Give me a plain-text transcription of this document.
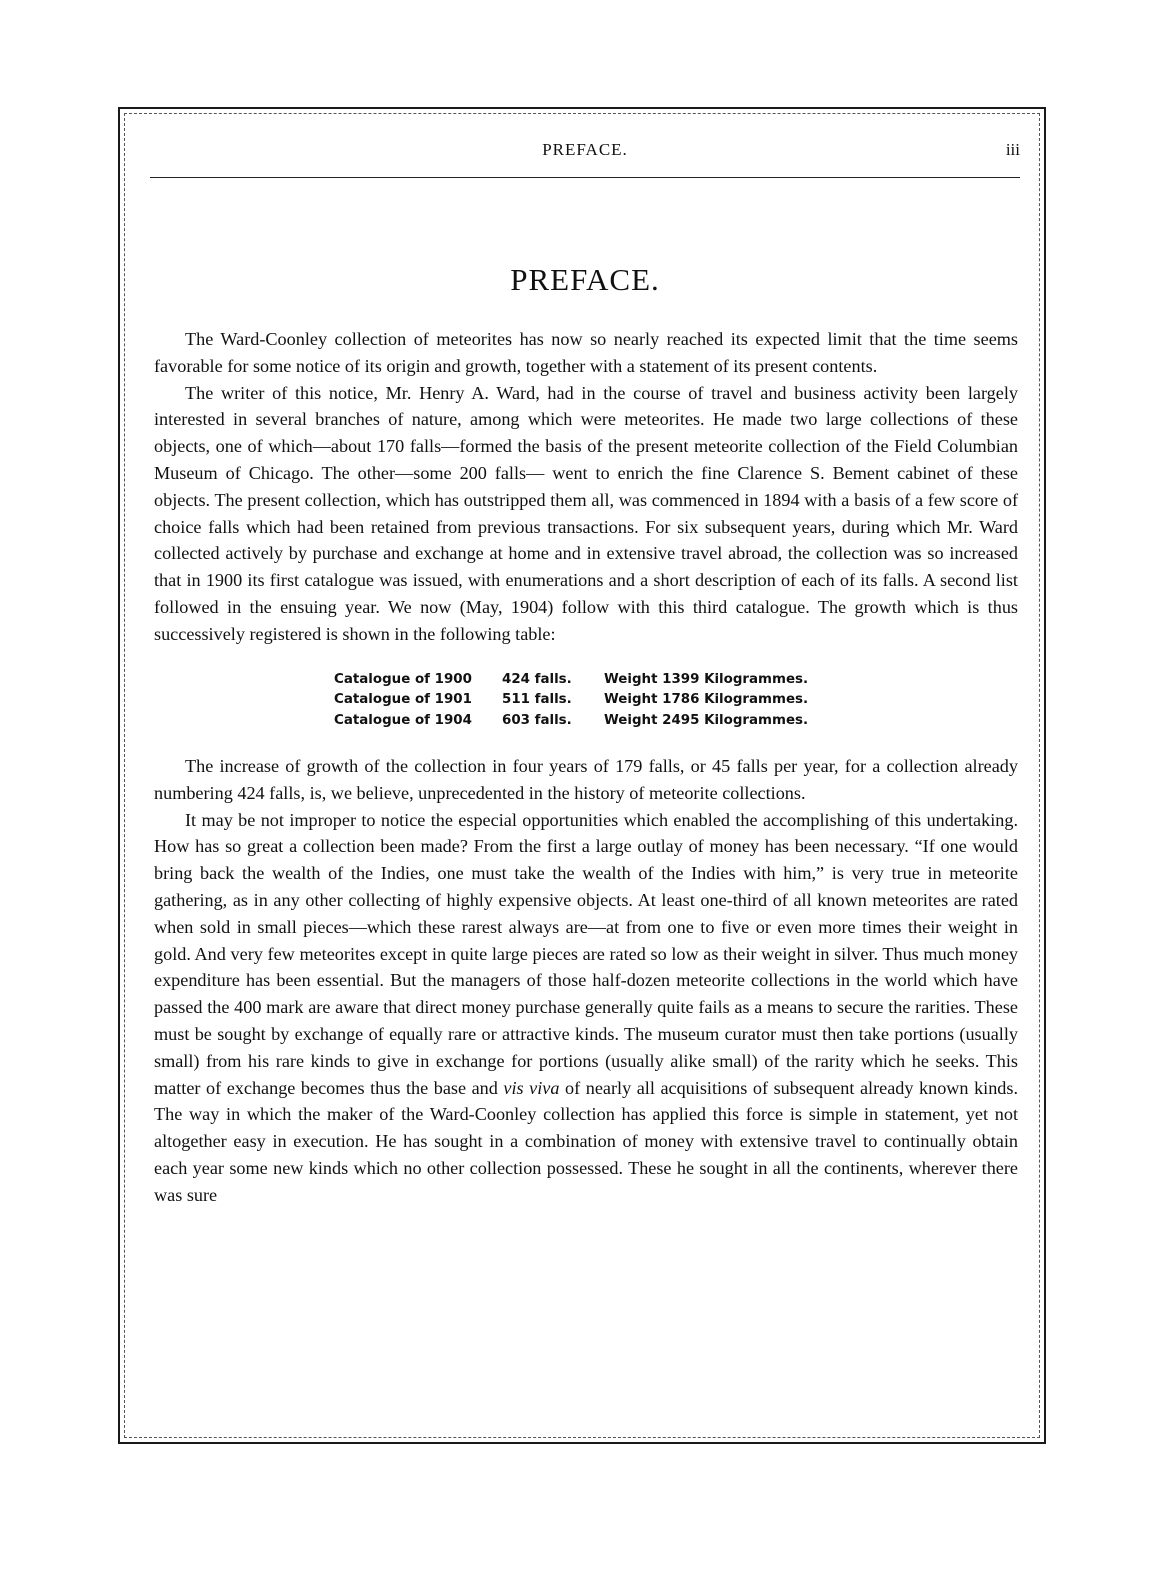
PREFACE.	iii
PREFACE.

The Ward-Coonley collection of meteorites has now so nearly reached its expected limit that the time seems favorable for some notice of its origin and growth, together with a statement of its present contents.

The writer of this notice, Mr. Henry A. Ward, had in the course of travel and business activity been largely interested in several branches of nature, among which were meteorites. He made two large collections of these objects, one of which—about 170 falls—formed the basis of the present meteorite collection of the Field Columbian Museum of Chicago. The other—some 200 falls— went to enrich the fine Clarence S. Bement cabinet of these objects. The present collection, which has outstripped them all, was commenced in 1894 with a basis of a few score of choice falls which had been retained from previous transactions. For six subsequent years, during which Mr. Ward collected actively by purchase and exchange at home and in extensive travel abroad, the collection was so increased that in 1900 its first catalogue was issued, with enumerations and a short description of each of its falls. A second list followed in the ensuing year. We now (May, 1904) follow with this third catalogue. The growth which is thus successively registered is shown in the following table:

Catalogue of 1900	424 falls.	Weight 1399 Kilogrammes.
Catalogue of 1901	511 falls.	Weight 1786 Kilogrammes.
Catalogue of 1904	603 falls.	Weight 2495 Kilogrammes.

The increase of growth of the collection in four years of 179 falls, or 45 falls per year, for a collection already numbering 424 falls, is, we believe, unprecedented in the history of meteorite collections.

It may be not improper to notice the especial opportunities which enabled the accomplishing of this undertaking. How has so great a collection been made? From the first a large outlay of money has been necessary. “If one would bring back the wealth of the Indies, one must take the wealth of the Indies with him,” is very true in meteorite gathering, as in any other collecting of highly expensive objects. At least one-third of all known meteorites are rated when sold in small pieces—which these rarest always are—at from one to five or even more times their weight in gold. And very few meteorites except in quite large pieces are rated so low as their weight in silver. Thus much money expenditure has been essential. But the managers of those half-dozen meteorite collections in the world which have passed the 400 mark are aware that direct money purchase generally quite fails as a means to secure the rarities. These must be sought by exchange of equally rare or attractive kinds. The museum curator must then take portions (usually small) from his rare kinds to give in exchange for portions (usually alike small) of the rarity which he seeks. This matter of exchange becomes thus the base and vis viva of nearly all acquisitions of subsequent already known kinds. The way in which the maker of the Ward-Coonley collection has applied this force is simple in statement, yet not altogether easy in execution. He has sought in a combination of money with extensive travel to continually obtain each year some new kinds which no other collection possessed. These he sought in all the continents, wherever there was sure
